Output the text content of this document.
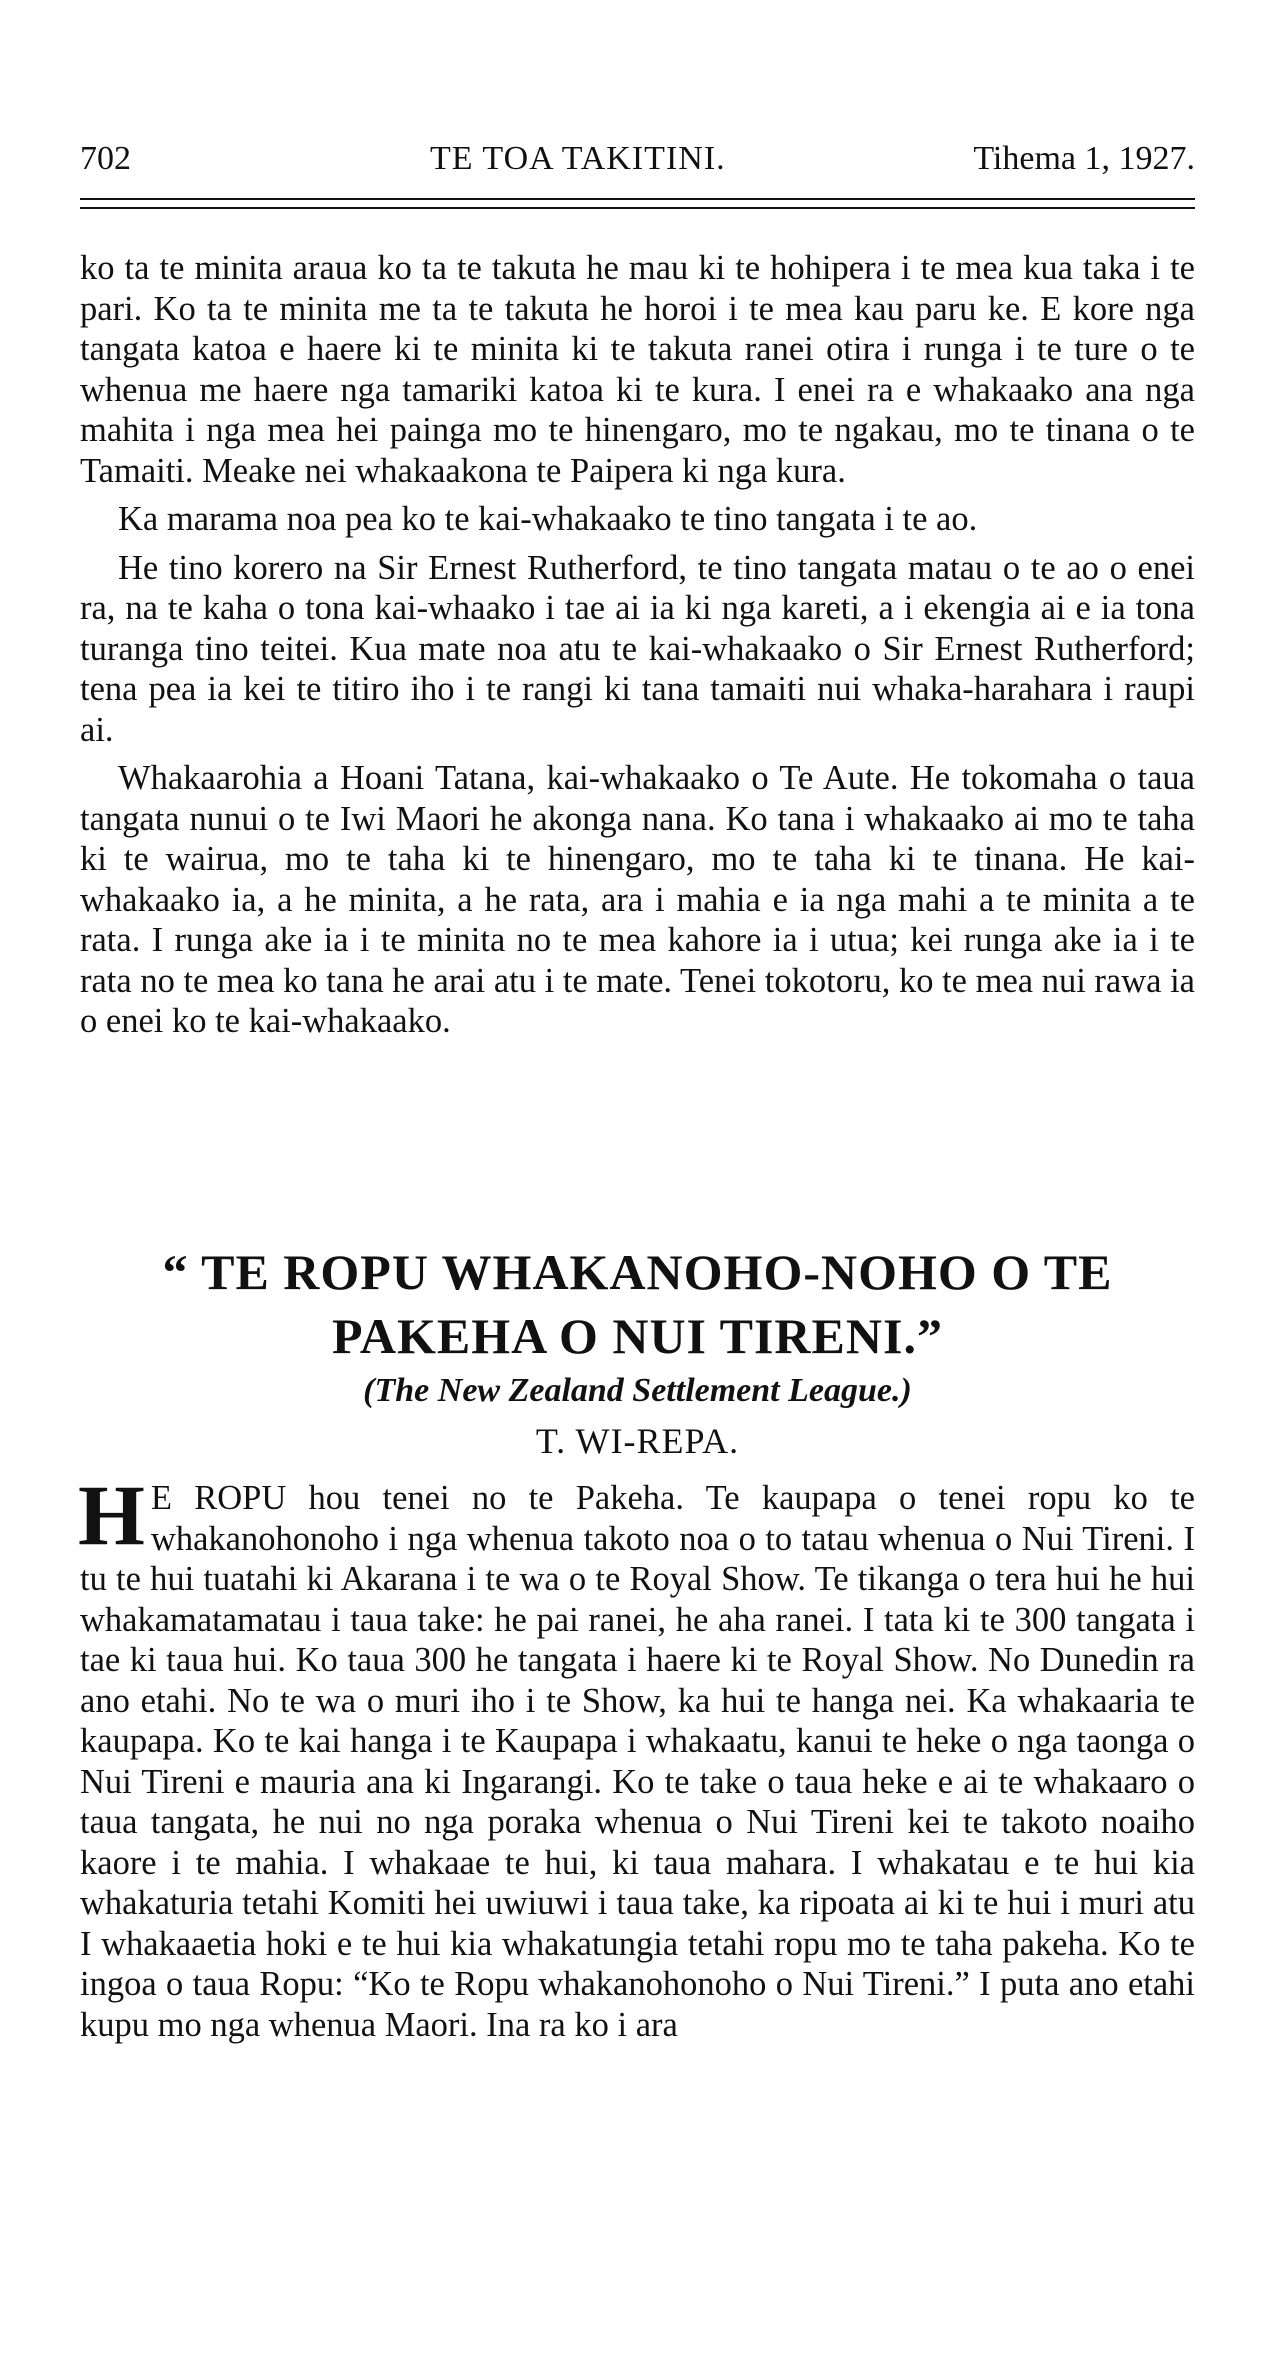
702	TE TOA TAKITINI.	Tihema 1, 1927.

ko ta te minita araua ko ta te takuta he mau ki te hohipera i te mea kua taka i te pari. Ko ta te minita me ta te takuta he horoi i te mea kau paru ke. E kore nga tangata katoa e haere ki te minita ki te takuta ranei otira i runga i te ture o te whenua me haere nga tamariki katoa ki te kura. I enei ra e whakaako ana nga mahita i nga mea hei painga mo te hinengaro, mo te ngakau, mo te tinana o te Tamaiti. Meake nei whakaakona te Paipera ki nga kura.

Ka marama noa pea ko te kai-whakaako te tino tangata i te ao.

He tino korero na Sir Ernest Rutherford, te tino tangata matau o te ao o enei ra, na te kaha o tona kai-whaako i tae ai ia ki nga kareti, a i ekengia ai e ia tona turanga tino teitei. Kua mate noa atu te kai-whakaako o Sir Ernest Rutherford; tena pea ia kei te titiro iho i te rangi ki tana tamaiti nui whaka-harahara i raupi ai.

Whakaarohia a Hoani Tatana, kai-whakaako o Te Aute. He tokomaha o taua tangata nunui o te Iwi Maori he akonga nana. Ko tana i whakaako ai mo te taha ki te wairua, mo te taha ki te hinengaro, mo te taha ki te tinana. He kai-whakaako ia, a he minita, a he rata, ara i mahia e ia nga mahi a te minita a te rata. I runga ake ia i te minita no te mea kahore ia i utua; kei runga ake ia i te rata no te mea ko tana he arai atu i te mate. Tenei tokotoru, ko te mea nui rawa ia o enei ko te kai-whakaako.

“ TE ROPU WHAKANOHO-NOHO O TE PAKEHA O NUI TIRENI.”
(The New Zealand Settlement League.)
T. WI-REPA.
H E ROPU hou tenei no te Pakeha. Te kaupapa o tenei ropu ko te whakanohonoho i nga whenua takoto noa o to tatau whenua o Nui Tireni. I tu te hui tuatahi ki Akarana i te wa o te Royal Show. Te tikanga o tera hui he hui whakamatamatau i taua take: he pai ranei, he aha ranei. I tata ki te 300 tangata i tae ki taua hui. Ko taua 300 he tangata i haere ki te Royal Show. No Dunedin ra ano etahi. No te wa o muri iho i te Show, ka hui te hanga nei. Ka whakaaria te kaupapa. Ko te kai hanga i te Kaupapa i whakaatu, kanui te heke o nga taonga o Nui Tireni e mauria ana ki Ingarangi. Ko te take o taua heke e ai te whakaaro o taua tangata, he nui no nga poraka whenua o Nui Tireni kei te takoto noaiho kaore i te mahia. I whakaae te hui, ki taua mahara. I whakatau e te hui kia whakaturia tetahi Komiti hei uwiuwi i taua take, ka ripoata ai ki te hui i muri atu I whakaaetia hoki e te hui kia whakatungia tetahi ropu mo te taha pakeha. Ko te ingoa o taua Ropu: “Ko te Ropu whakanohonoho o Nui Tireni.” I puta ano etahi kupu mo nga whenua Maori. Ina ra ko i ara
